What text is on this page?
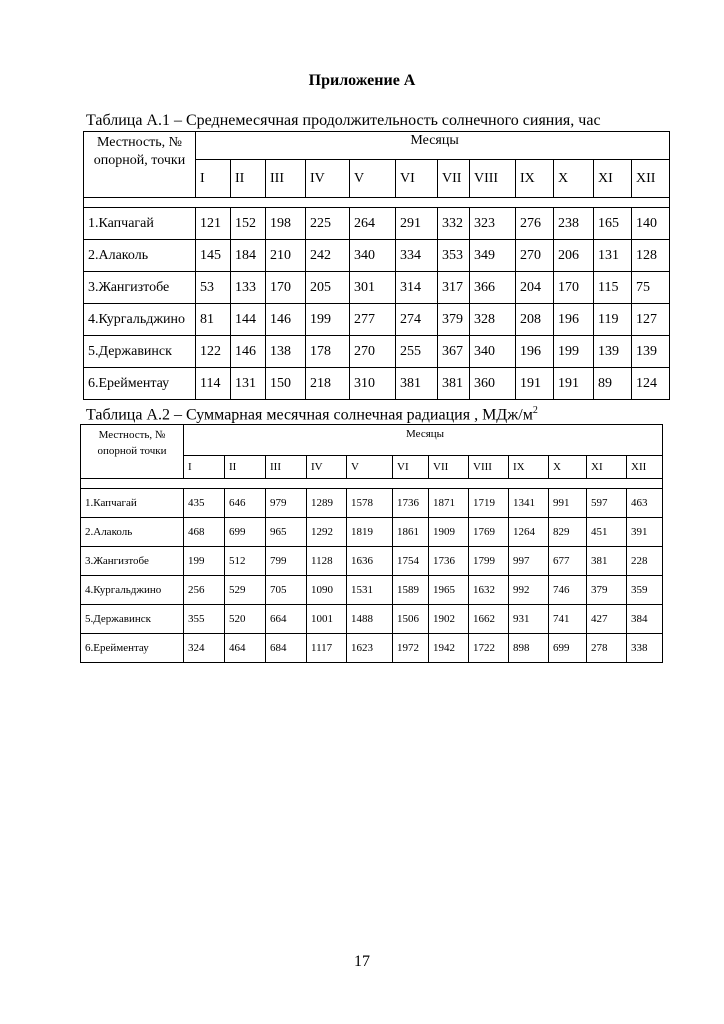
Приложение А
Таблица А.1 – Среднемесячная продолжительность солнечного сияния, час
Местность, № опорной, точки	Месяцы											
	I	II	III	IV	V	VI	VII	VIII	IX	X	XI	XII

1.Капчагай	121	152	198	225	264	291	332	323	276	238	165	140
2.Алаколь	145	184	210	242	340	334	353	349	270	206	131	128
3.Жангизтобе	53	133	170	205	301	314	317	366	204	170	115	75
4.Кургальджино	81	144	146	199	277	274	379	328	208	196	119	127
5.Державинск	122	146	138	178	270	255	367	340	196	199	139	139
6.Ерейментау	114	131	150	218	310	381	381	360	191	191	89	124
Таблица А.2 – Суммарная месячная солнечная радиация , МДж/$м^2$
Местность, № опорной точки	Месяцы											
	I	II	III	IV	V	VI	VII	VIII	IX	X	XI	XII

1.Капчагай	435	646	979	1289	1578	1736	1871	1719	1341	991	597	463
2.Алаколь	468	699	965	1292	1819	1861	1909	1769	1264	829	451	391
3.Жангизтобе	199	512	799	1128	1636	1754	1736	1799	997	677	381	228
4.Кургальджино	256	529	705	1090	1531	1589	1965	1632	992	746	379	359
5.Державинск	355	520	664	1001	1488	1506	1902	1662	931	741	427	384
6.Ерейментау	324	464	684	1117	1623	1972	1942	1722	898	699	278	338
17
